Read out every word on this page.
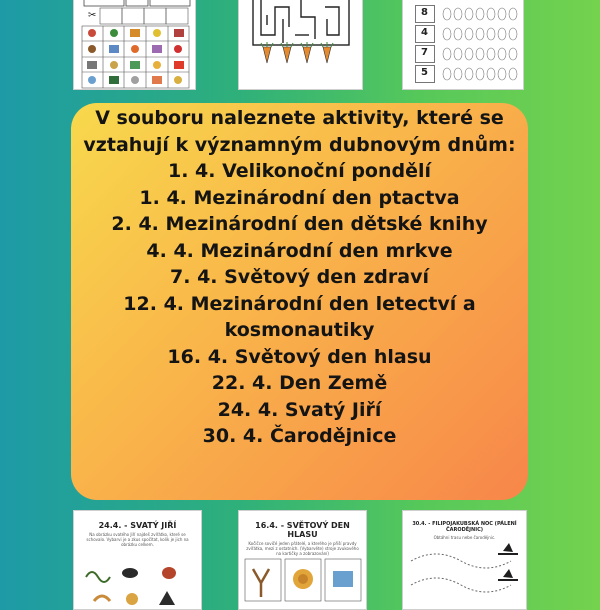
✂	8
4
7
5

V souboru naleznete aktivity, které se vztahují k významným dubnovým dnům:

1. 4. Velikonoční pondělí
1. 4. Mezinárodní den ptactva
2. 4. Mezinárodní den dětské knihy
4. 4. Mezinárodní den mrkve
7. 4. Světový den zdraví
12. 4. Mezinárodní den letectví a kosmonautiky
16. 4. Světový den hlasu
22. 4. Den Země
24. 4. Svatý Jiří
30. 4. Čarodějnice
24.4. - SVATÝ JIŘÍ
Na obrázku svatého Jiří najdeš zvířátko, které se schovalo. Vybarvi je a zkus spočítat, kolik je jich na obrázku celkem.
16.4. - SVĚTOVÝ DEN HLASU
Kočičce sovičé jeden přátelé, a kterého je přiší pravdy zvířátka, mezi z ostatních. (Vybarvěte) stroje zvukového na kartičky a zobrazování)
30.4. - FILIPOJAKUBSKÁ NOC (PÁLENÍ ČARODĚJNIC)
Obtáhni trasu nebe čarodějnic.
